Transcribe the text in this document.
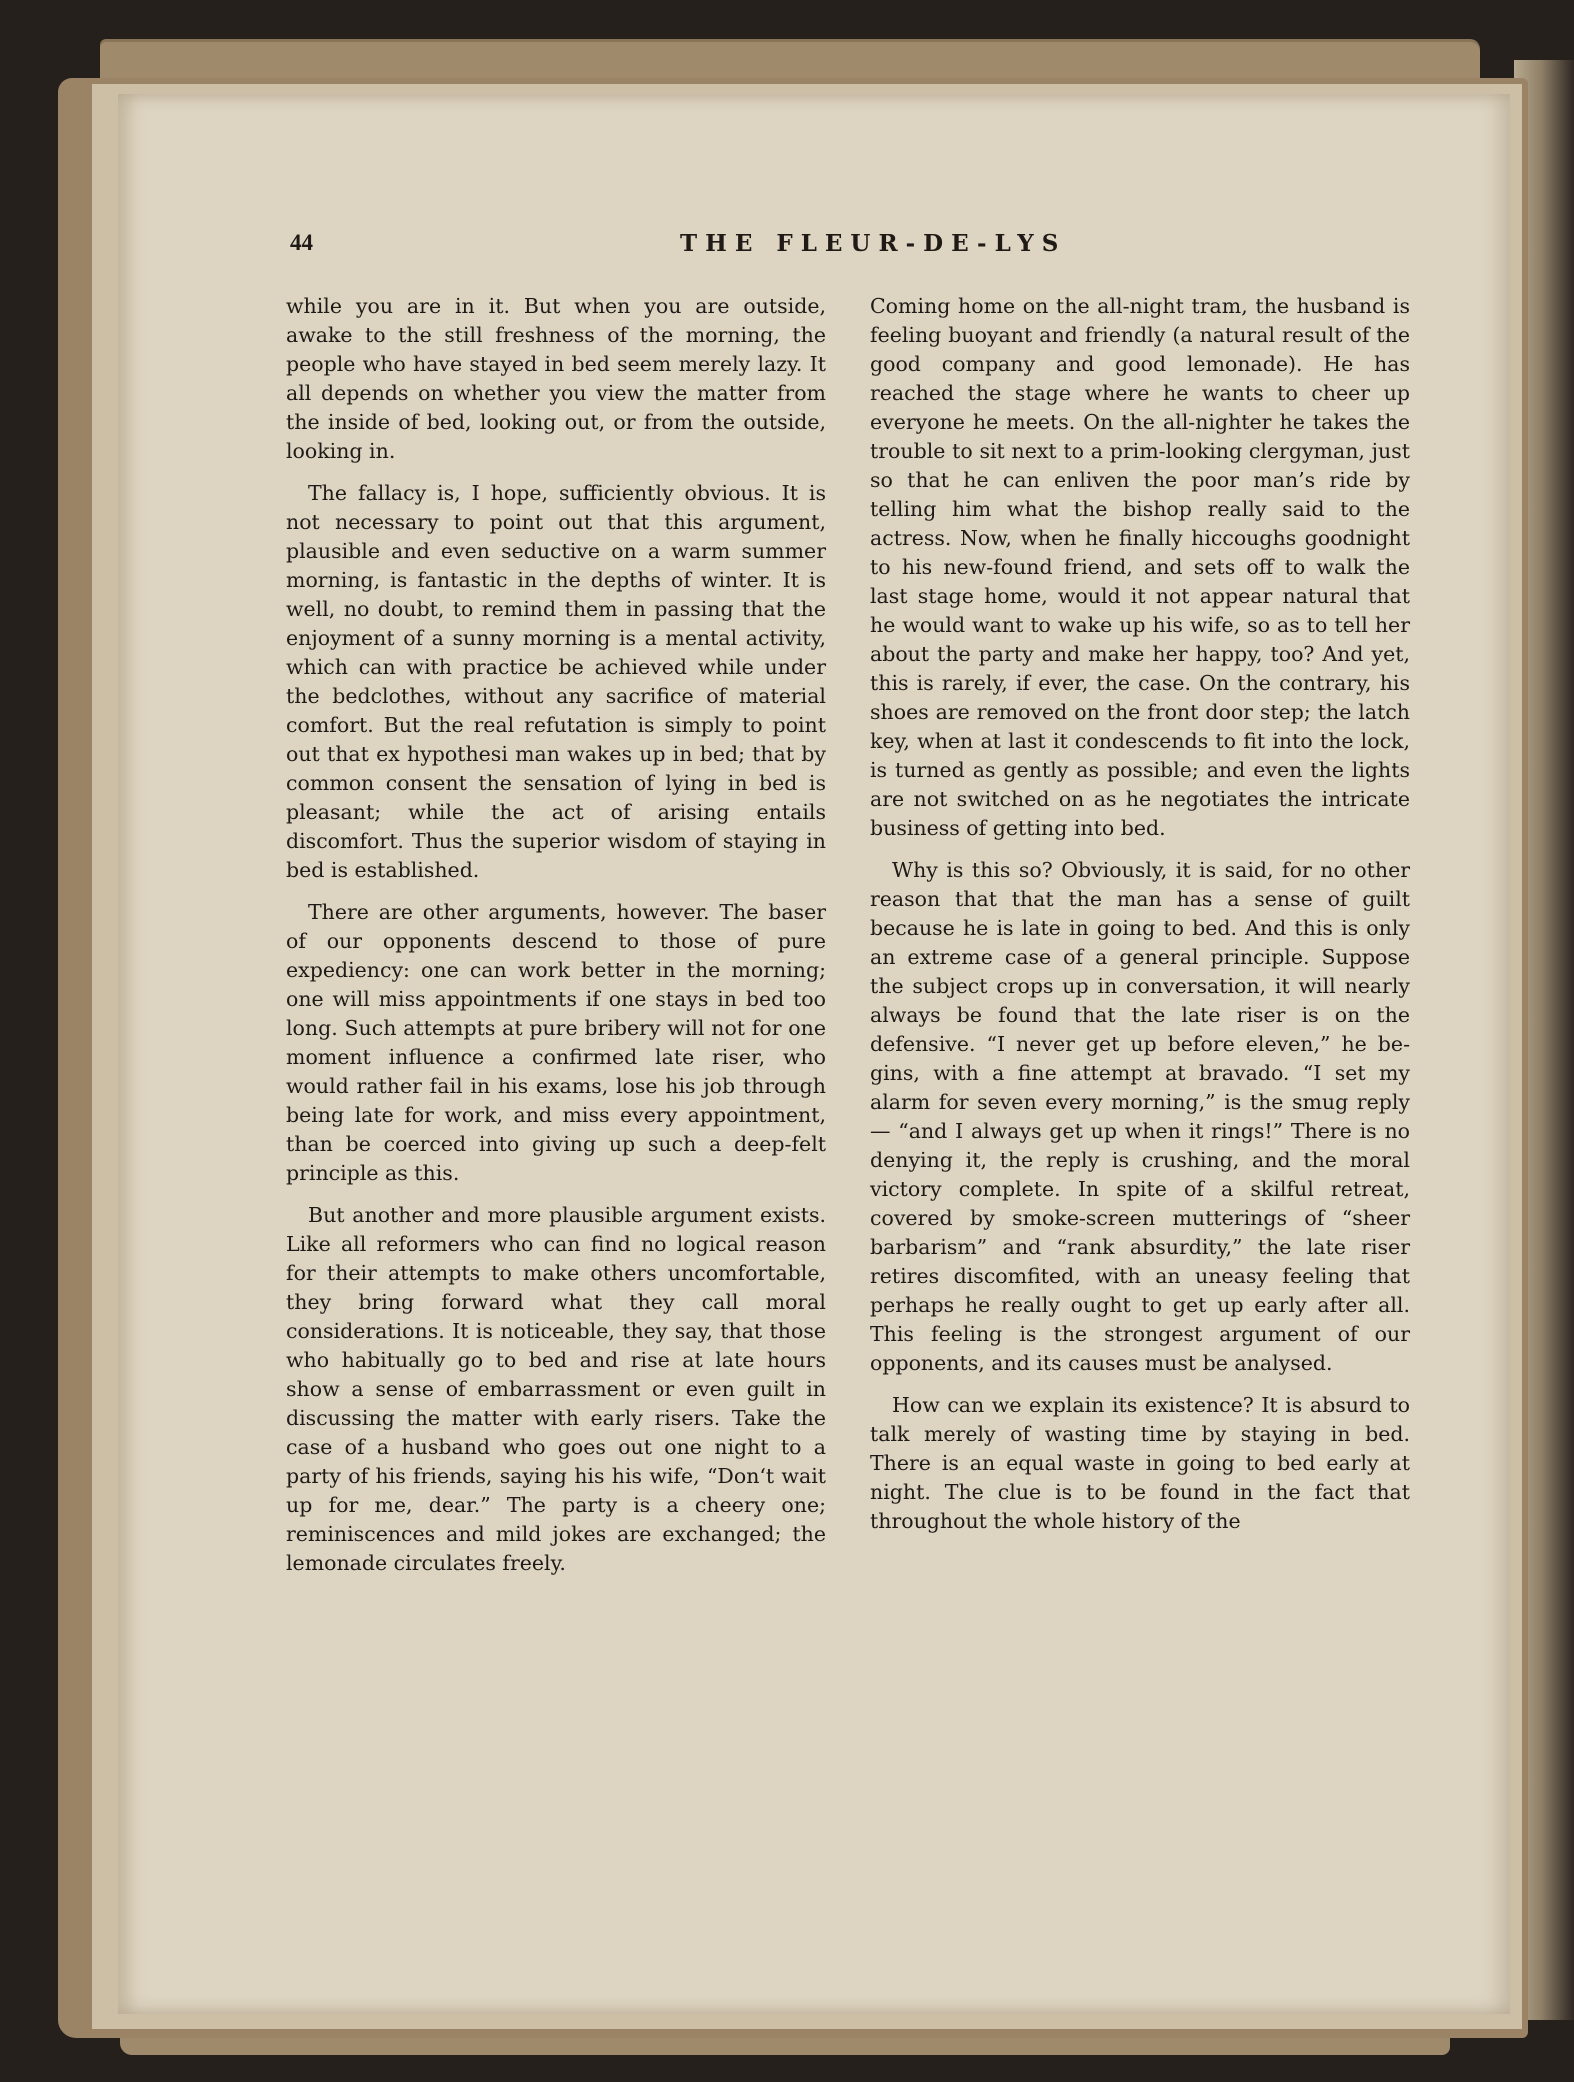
44	THE FLEUR-DE-LYS

while you are in it. But when you are outside, awake to the still freshness of the morning, the people who have stayed in bed seem merely lazy. It all depends on whether you view the matter from the inside of bed, looking out, or from the outside, looking in.

The fallacy is, I hope, sufficiently obvious. It is not necessary to point out that this argument, plausible and even seductive on a warm summer morning, is fantastic in the depths of winter. It is well, no doubt, to remind them in passing that the enjoyment of a sunny morning is a mental activity, which can with practice be achieved while under the bedclothes, without any sacrifice of material comfort. But the real refutation is simply to point out that ex hypothesi man wakes up in bed; that by common consent the sensation of lying in bed is pleasant; while the act of arising entails discomfort. Thus the superior wisdom of staying in bed is established.

There are other arguments, however. The baser of our opponents descend to those of pure expediency: one can work better in the morning; one will miss appointments if one stays in bed too long. Such attempts at pure bribery will not for one moment influence a confirmed late riser, who would rather fail in his exams, lose his job through being late for work, and miss every appointment, than be coerced into giving up such a deep-felt principle as this.

But another and more plausible argument exists. Like all reformers who can find no logical reason for their attempts to make others uncomfortable, they bring forward what they call moral considerations. It is noticeable, they say, that those who habitually go to bed and rise at late hours show a sense of embarrassment or even guilt in discussing the matter with early risers. Take the case of a husband who goes out one night to a party of his friends, saying his his wife, “Don‘t wait up for me, dear.” The party is a cheery one; reminiscences and mild jokes are exchanged; the lemonade circulates freely.

Coming home on the all-night tram, the husband is feeling buoyant and friendly (a natural result of the good company and good lemonade). He has reached the stage where he wants to cheer up everyone he meets. On the all-nighter he takes the trouble to sit next to a prim-looking clergyman, just so that he can enliven the poor man’s ride by telling him what the bishop really said to the actress. Now, when he finally hiccoughs goodnight to his new-found friend, and sets off to walk the last stage home, would it not appear natural that he would want to wake up his wife, so as to tell her about the party and make her happy, too? And yet, this is rarely, if ever, the case. On the contrary, his shoes are removed on the front door step; the latch key, when at last it condescends to fit into the lock, is turned as gently as possible; and even the lights are not switched on as he negotiates the intricate business of getting into bed.

Why is this so? Obviously, it is said, for no other reason that that the man has a sense of guilt because he is late in going to bed. And this is only an extreme case of a general principle. Suppose the subject crops up in conversation, it will nearly always be found that the late riser is on the defensive. “I never get up before eleven,” he begins, with a fine attempt at bravado. “I set my alarm for seven every morning,” is the smug reply — “and I always get up when it rings!” There is no denying it, the reply is crushing, and the moral victory complete. In spite of a skilful retreat, covered by smoke-screen mutterings of “sheer barbarism” and “rank absurdity,” the late riser retires discomfited, with an uneasy feeling that perhaps he really ought to get up early after all. This feeling is the strongest argument of our opponents, and its causes must be analysed.

How can we explain its existence? It is absurd to talk merely of wasting time by staying in bed. There is an equal waste in going to bed early at night. The clue is to be found in the fact that throughout the whole history of the
